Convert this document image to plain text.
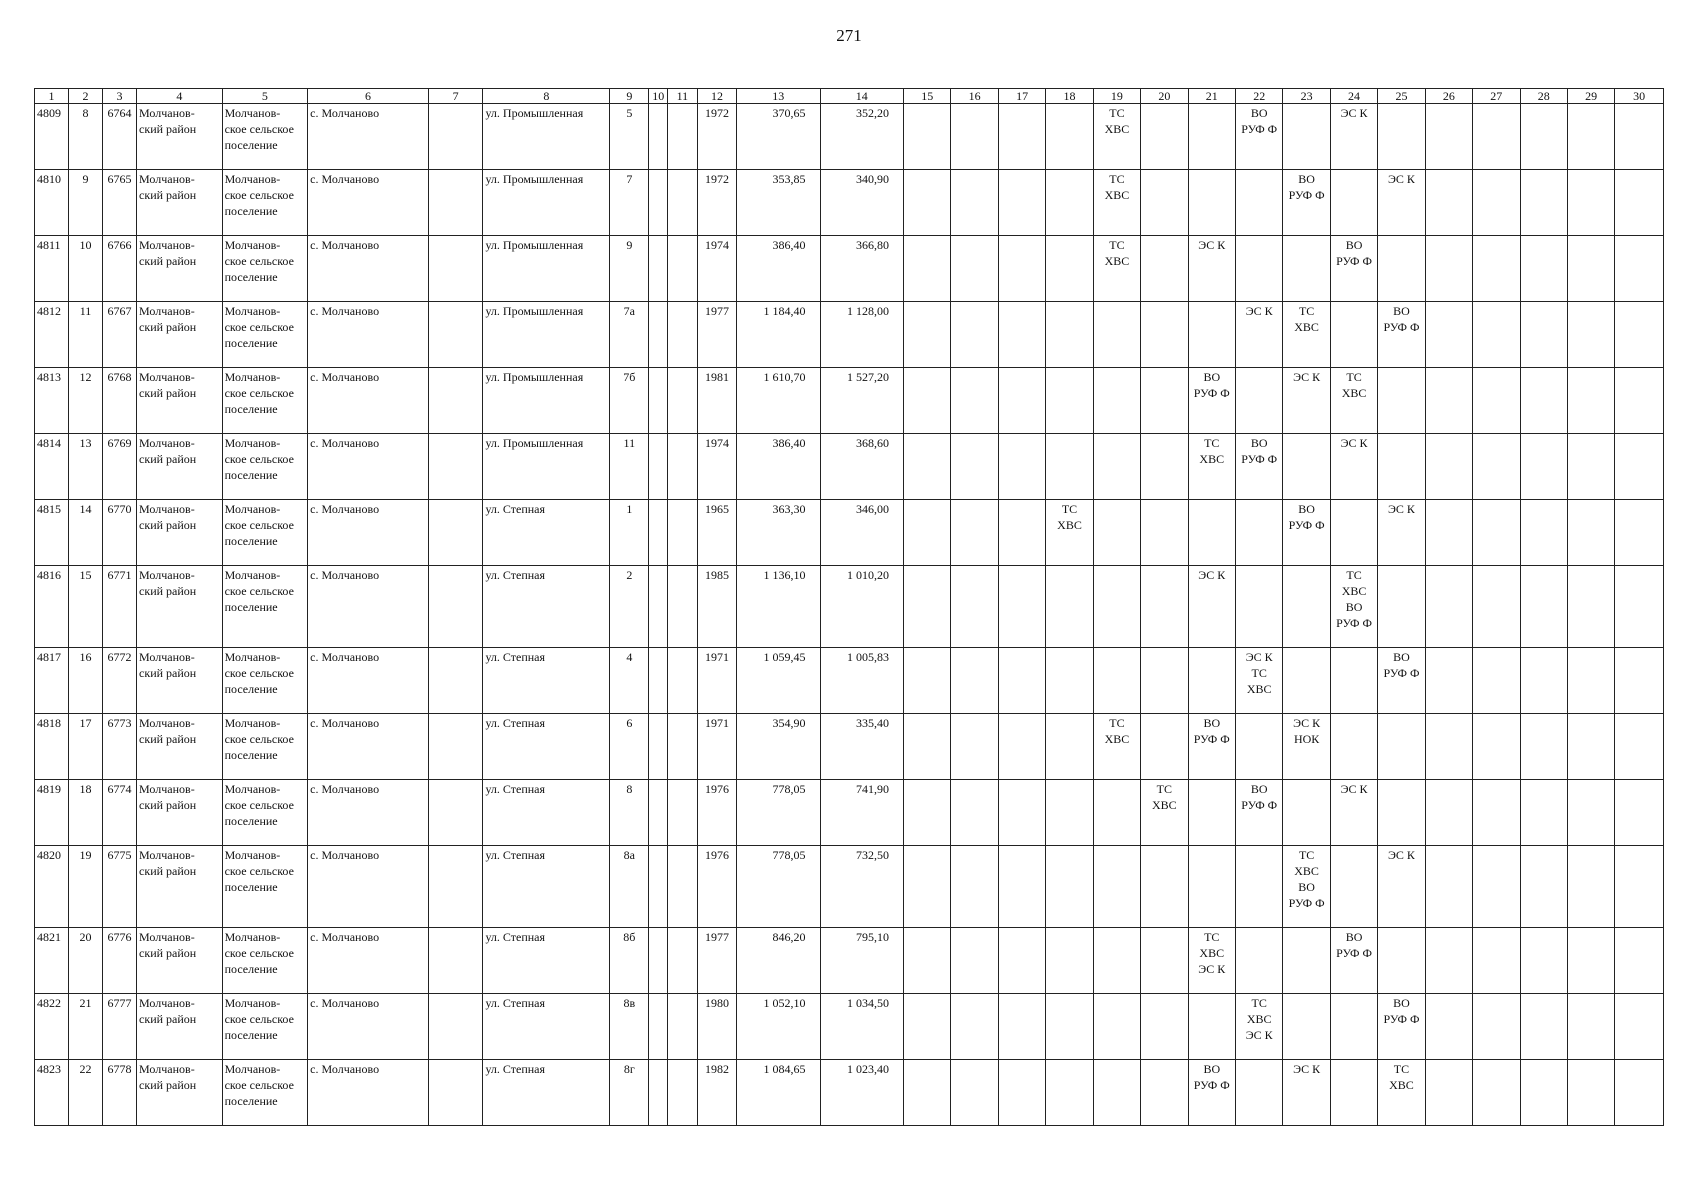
271
1	2	3	4	5	6	7	8	9	10	11	12	13	14	15	16	17	18	19	20	21	22	23	24	25	26	27	28	29	30
4809	8	6764	Молчанов-
ский район	Молчанов-
ское сельское
поселение	с. Молчаново		ул. Промышленная	5			1972	370,65	352,20					ТС
ХВС			ВО
РУФ Ф		ЭС К						
4810	9	6765	Молчанов-
ский район	Молчанов-
ское сельское
поселение	с. Молчаново		ул. Промышленная	7			1972	353,85	340,90					ТС
ХВС				ВО
РУФ Ф		ЭС К					
4811	10	6766	Молчанов-
ский район	Молчанов-
ское сельское
поселение	с. Молчаново		ул. Промышленная	9			1974	386,40	366,80					ТС
ХВС		ЭС К			ВО
РУФ Ф						
4812	11	6767	Молчанов-
ский район	Молчанов-
ское сельское
поселение	с. Молчаново		ул. Промышленная	7а			1977	1 184,40	1 128,00								ЭС К	ТС
ХВС		ВО
РУФ Ф					
4813	12	6768	Молчанов-
ский район	Молчанов-
ское сельское
поселение	с. Молчаново		ул. Промышленная	7б			1981	1 610,70	1 527,20							ВО
РУФ Ф		ЭС К	ТС
ХВС						
4814	13	6769	Молчанов-
ский район	Молчанов-
ское сельское
поселение	с. Молчаново		ул. Промышленная	11			1974	386,40	368,60							ТС
ХВС	ВО
РУФ Ф		ЭС К						
4815	14	6770	Молчанов-
ский район	Молчанов-
ское сельское
поселение	с. Молчаново		ул. Степная	1			1965	363,30	346,00				ТС
ХВС					ВО
РУФ Ф		ЭС К					
4816	15	6771	Молчанов-
ский район	Молчанов-
ское сельское
поселение	с. Молчаново		ул. Степная	2			1985	1 136,10	1 010,20							ЭС К			ТС
ХВС
ВО
РУФ Ф						
4817	16	6772	Молчанов-
ский район	Молчанов-
ское сельское
поселение	с. Молчаново		ул. Степная	4			1971	1 059,45	1 005,83								ЭС К
ТС
ХВС			ВО
РУФ Ф					
4818	17	6773	Молчанов-
ский район	Молчанов-
ское сельское
поселение	с. Молчаново		ул. Степная	6			1971	354,90	335,40					ТС
ХВС		ВО
РУФ Ф		ЭС К
НОК							
4819	18	6774	Молчанов-
ский район	Молчанов-
ское сельское
поселение	с. Молчаново		ул. Степная	8			1976	778,05	741,90						ТС
ХВС		ВО
РУФ Ф		ЭС К						
4820	19	6775	Молчанов-
ский район	Молчанов-
ское сельское
поселение	с. Молчаново		ул. Степная	8а			1976	778,05	732,50									ТС
ХВС
ВО
РУФ Ф		ЭС К					
4821	20	6776	Молчанов-
ский район	Молчанов-
ское сельское
поселение	с. Молчаново		ул. Степная	8б			1977	846,20	795,10							ТС
ХВС
ЭС К			ВО
РУФ Ф						
4822	21	6777	Молчанов-
ский район	Молчанов-
ское сельское
поселение	с. Молчаново		ул. Степная	8в			1980	1 052,10	1 034,50								ТС
ХВС
ЭС К			ВО
РУФ Ф					
4823	22	6778	Молчанов-
ский район	Молчанов-
ское сельское
поселение	с. Молчаново		ул. Степная	8г			1982	1 084,65	1 023,40							ВО
РУФ Ф		ЭС К		ТС
ХВС					
